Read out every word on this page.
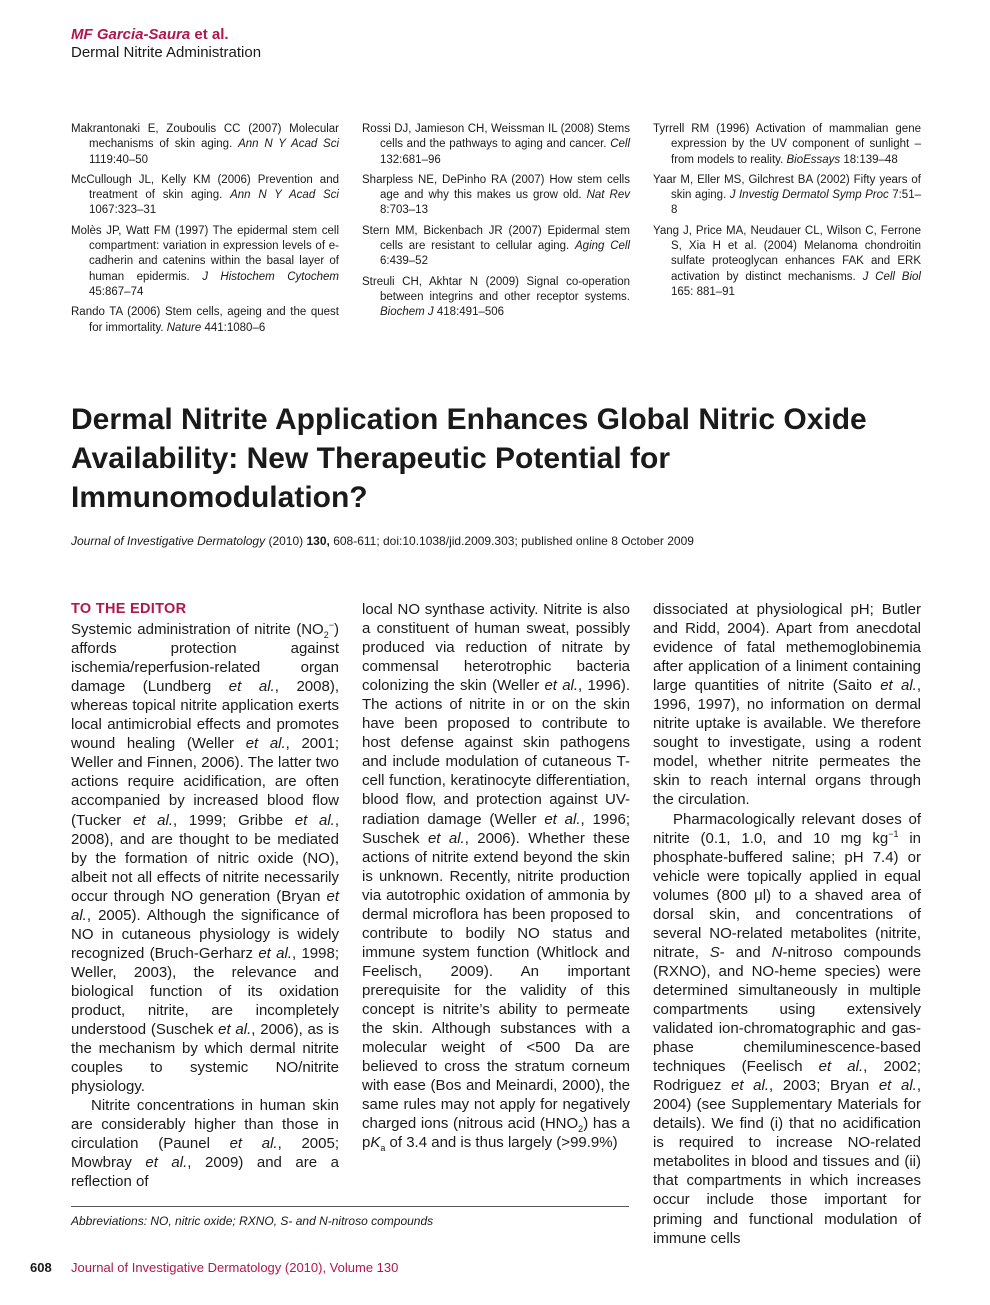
MF Garcia-Saura et al.
Dermal Nitrite Administration
Makrantonaki E, Zouboulis CC (2007) Molecular mechanisms of skin aging. Ann N Y Acad Sci 1119:40–50
McCullough JL, Kelly KM (2006) Prevention and treatment of skin aging. Ann N Y Acad Sci 1067:323–31
Molès JP, Watt FM (1997) The epidermal stem cell compartment: variation in expression levels of e-cadherin and catenins within the basal layer of human epidermis. J Histochem Cytochem 45:867–74
Rando TA (2006) Stem cells, ageing and the quest for immortality. Nature 441:1080–6
Rossi DJ, Jamieson CH, Weissman IL (2008) Stems cells and the pathways to aging and cancer. Cell 132:681–96
Sharpless NE, DePinho RA (2007) How stem cells age and why this makes us grow old. Nat Rev 8:703–13
Stern MM, Bickenbach JR (2007) Epidermal stem cells are resistant to cellular aging. Aging Cell 6:439–52
Streuli CH, Akhtar N (2009) Signal co-operation between integrins and other receptor systems. Biochem J 418:491–506
Tyrrell RM (1996) Activation of mammalian gene expression by the UV component of sunlight – from models to reality. BioEssays 18:139–48
Yaar M, Eller MS, Gilchrest BA (2002) Fifty years of skin aging. J Investig Dermatol Symp Proc 7:51–8
Yang J, Price MA, Neudauer CL, Wilson C, Ferrone S, Xia H et al. (2004) Melanoma chondroitin sulfate proteoglycan enhances FAK and ERK activation by distinct mechanisms. J Cell Biol 165: 881–91
Dermal Nitrite Application Enhances Global Nitric Oxide Availability: New Therapeutic Potential for Immunomodulation?
Journal of Investigative Dermatology (2010) 130, 608-611; doi:10.1038/jid.2009.303; published online 8 October 2009
TO THE EDITOR

Systemic administration of nitrite $(NO_2^-)$ affords protection against ischemia/reperfusion-related organ damage (Lundberg et al., 2008), whereas topical nitrite application exerts local antimicrobial effects and promotes wound healing (Weller et al., 2001; Weller and Finnen, 2006). The latter two actions require acidification, are often accompanied by increased blood flow (Tucker et al., 1999; Gribbe et al., 2008), and are thought to be mediated by the formation of nitric oxide (NO), albeit not all effects of nitrite necessarily occur through NO generation (Bryan et al., 2005). Although the significance of NO in cutaneous physiology is widely recognized (Bruch-Gerharz et al., 1998; Weller, 2003), the relevance and biological function of its oxidation product, nitrite, are incompletely understood (Suschek et al., 2006), as is the mechanism by which dermal nitrite couples to systemic NO/nitrite physiology.

Nitrite concentrations in human skin are considerably higher than those in circulation (Paunel et al., 2005; Mowbray et al., 2009) and are a reflection of

local NO synthase activity. Nitrite is also a constituent of human sweat, possibly produced via reduction of nitrate by commensal heterotrophic bacteria colonizing the skin (Weller et al., 1996). The actions of nitrite in or on the skin have been proposed to contribute to host defense against skin pathogens and include modulation of cutaneous T-cell function, keratinocyte differentiation, blood flow, and protection against UV-radiation damage (Weller et al., 1996; Suschek et al., 2006). Whether these actions of nitrite extend beyond the skin is unknown. Recently, nitrite production via autotrophic oxidation of ammonia by dermal microflora has been proposed to contribute to bodily NO status and immune system function (Whitlock and Feelisch, 2009). An important prerequisite for the validity of this concept is nitrite’s ability to permeate the skin. Although substances with a molecular weight of <500 Da are believed to cross the stratum corneum with ease (Bos and Meinardi, 2000), the same rules may not apply for negatively charged ions (nitrous acid $(HNO_2)$ has a $pK_a$ of 3.4 and is thus largely (>99.9%)

dissociated at physiological pH; Butler and Ridd, 2004). Apart from anecdotal evidence of fatal methemoglobinemia after application of a liniment containing large quantities of nitrite (Saito et al., 1996, 1997), no information on dermal nitrite uptake is available. We therefore sought to investigate, using a rodent model, whether nitrite permeates the skin to reach internal organs through the circulation.

Pharmacologically relevant doses of nitrite (0.1, 1.0, and 10 mg $kg^{-1}$ in phosphate-buffered saline; pH 7.4) or vehicle were topically applied in equal volumes (800 μl) to a shaved area of dorsal skin, and concentrations of several NO-related metabolites (nitrite, nitrate, S- and N-nitroso compounds (RXNO), and NO-heme species) were determined simultaneously in multiple compartments using extensively validated ion-chromatographic and gas-phase chemiluminescence-based techniques (Feelisch et al., 2002; Rodriguez et al., 2003; Bryan et al., 2004) (see Supplementary Materials for details). We find (i) that no acidification is required to increase NO-related metabolites in blood and tissues and (ii) that compartments in which increases occur include those important for priming and functional modulation of immune cells

Abbreviations: NO, nitric oxide; RXNO, S- and N-nitroso compounds
608 Journal of Investigative Dermatology (2010), Volume 130
